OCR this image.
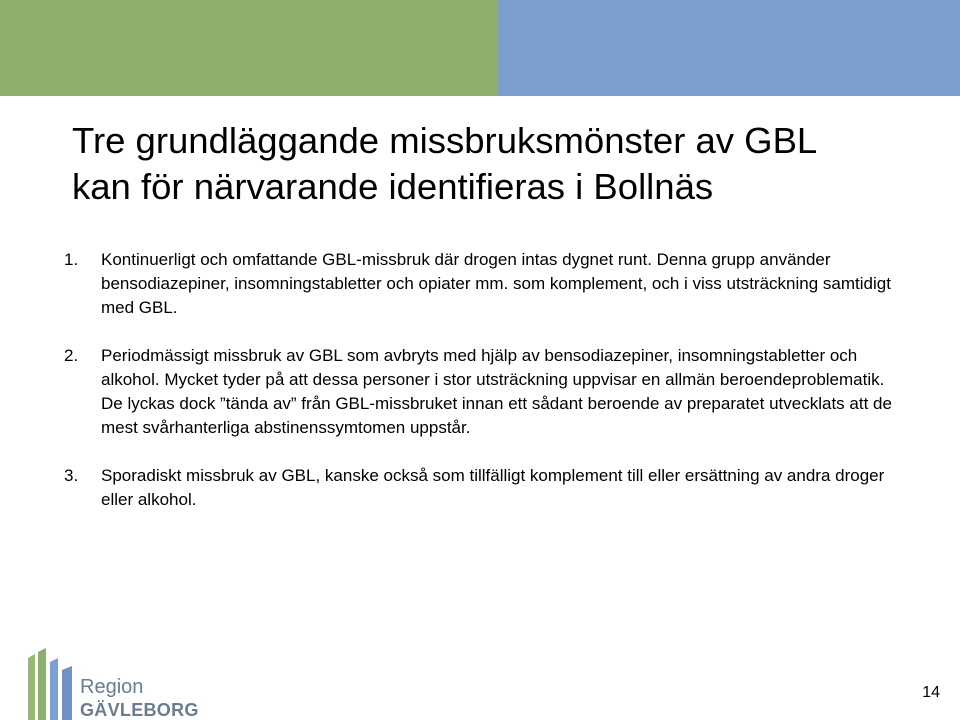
Tre grundläggande missbruksmönster av GBL
kan för närvarande identifieras i Bollnäs
1. Kontinuerligt och omfattande GBL-missbruk där drogen intas dygnet runt. Denna grupp använder bensodiazepiner, insomningstabletter och opiater mm. som komplement, och i viss utsträckning samtidigt med GBL.
2. Periodmässigt missbruk av GBL som avbryts med hjälp av bensodiazepiner, insomningstabletter och alkohol. Mycket tyder på att dessa personer i stor utsträckning uppvisar en allmän beroendeproblematik. De lyckas dock ”tända av” från GBL-missbruket innan ett sådant beroende av preparatet utvecklats att de mest svårhanterliga abstinenssymtomen uppstår.
3. Sporadiskt missbruk av GBL, kanske också som tillfälligt komplement till eller ersättning av andra droger eller alkohol.
Region
GÄVLEBORG
14
